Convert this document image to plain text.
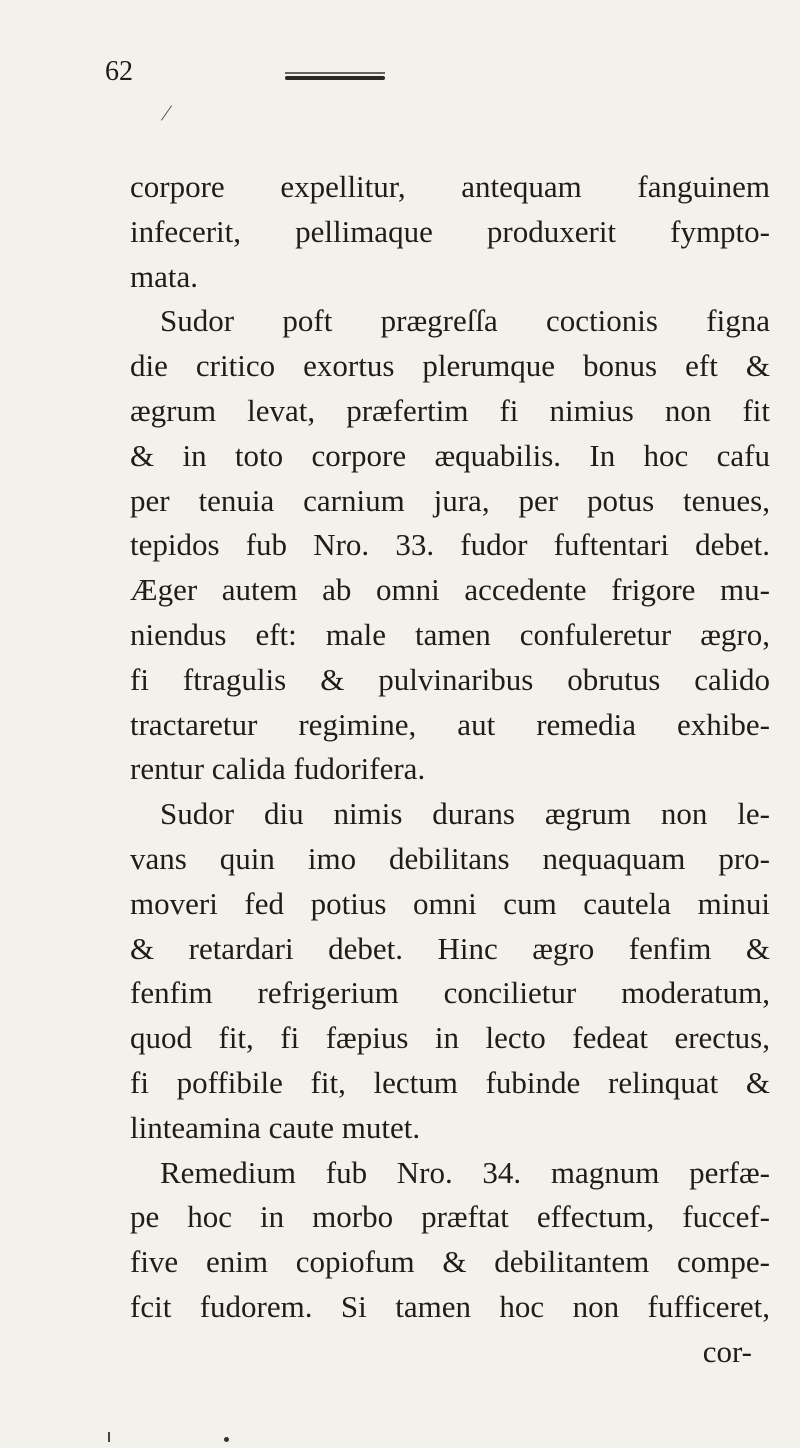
62
corpore expellitur, antequam fanguinem
infecerit, pellimaque produxerit fympto-
mata.
Sudor poft prægreſſa coctionis figna
die critico exortus plerumque bonus eft &
ægrum levat, præfertim fi nimius non fit
& in toto corpore æquabilis. In hoc cafu
per tenuia carnium jura, per potus tenues,
tepidos fub Nro. 33. fudor fuftentari debet.
Æger autem ab omni accedente frigore mu-
niendus eft: male tamen confuleretur ægro,
fi ftragulis & pulvinaribus obrutus calido
tractaretur regimine, aut remedia exhibe-
rentur calida fudorifera.
Sudor diu nimis durans ægrum non le-
vans quin imo debilitans nequaquam pro-
moveri fed potius omni cum cautela minui
& retardari debet. Hinc ægro fenfim &
fenfim refrigerium concilietur moderatum,
quod fit, fi fæpius in lecto fedeat erectus,
fi poffibile fit, lectum fubinde relinquat &
linteamina caute mutet.
Remedium fub Nro. 34. magnum perfæ-
pe hoc in morbo præftat effectum, fuccef-
five enim copiofum & debilitantem compe-
fcit fudorem. Si tamen hoc non fufficeret,
cor-
